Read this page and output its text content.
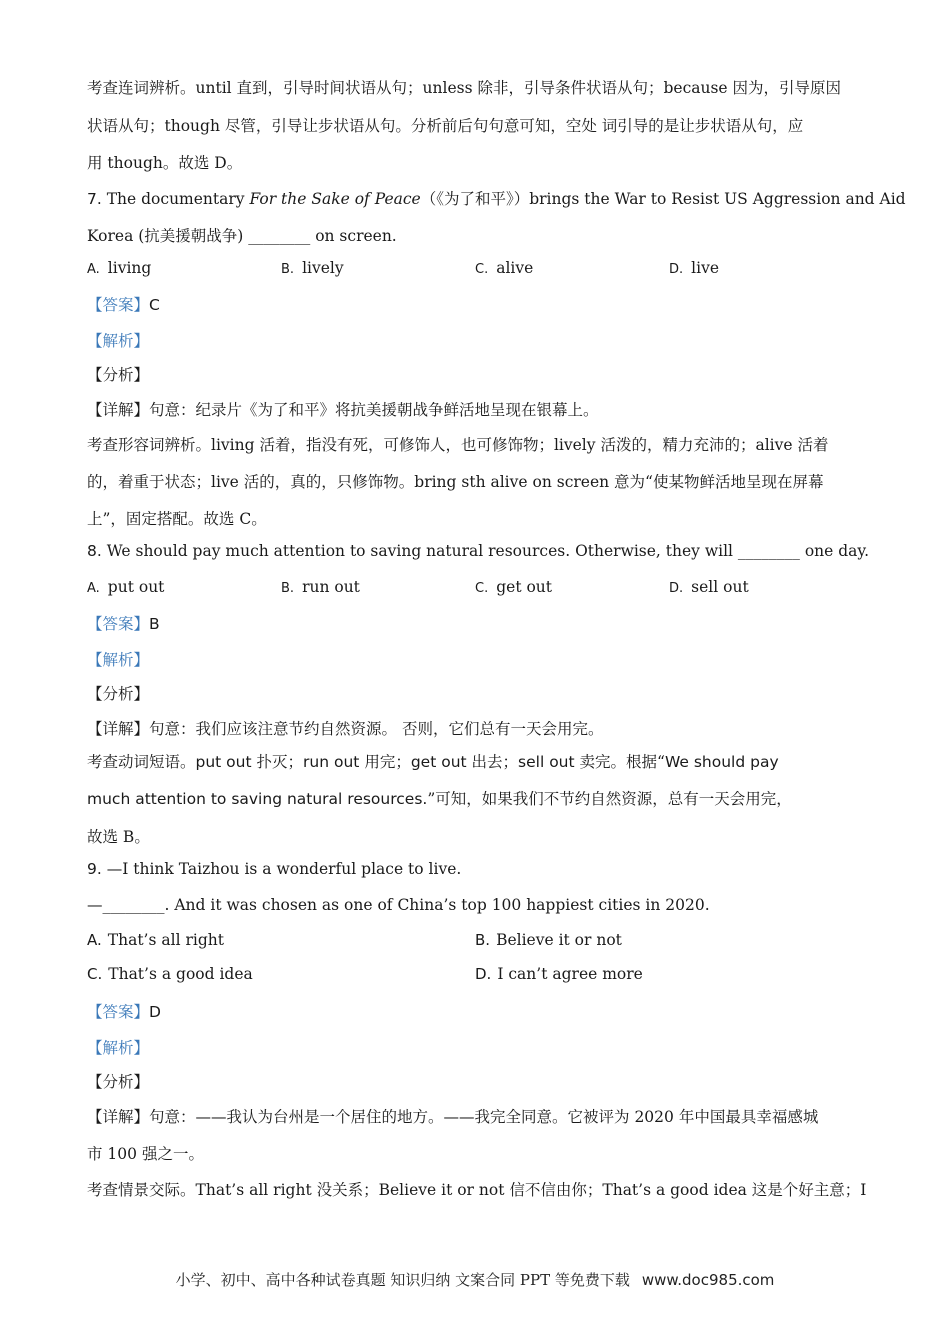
考查连词辨析。until 直到，引导时间状语从句；unless 除非，引导条件状语从句；because 因为，引导原因
状语从句；though 尽管，引导让步状语从句。分析前后句句意可知，空处 词引导的是让步状语从句，应
用 though。故选 D。
7. The documentary For the Sake of Peace（《为了和平》）brings the War to Resist US Aggression and Aid
Korea (抗美援朝战争) ________ on screen.
A. living	B. lively	C. alive	D. live
【答案】C
【解析】
【分析】
【详解】句意：纪录片《为了和平》将抗美援朝战争鲜活地呈现在银幕上。
考查形容词辨析。living 活着，指没有死，可修饰人，也可修饰物；lively 活泼的，精力充沛的；alive 活着
的，着重于状态；live 活的，真的，只修饰物。bring sth alive on screen 意为“使某物鲜活地呈现在屏幕
上”，固定搭配。故选 C。
8. We should pay much attention to saving natural resources. Otherwise, they will ________ one day.
A. put out	B. run out	C. get out	D. sell out
【答案】B
【解析】
【分析】
【详解】句意：我们应该注意节约自然资源。 否则，它们总有一天会用完。
考查动词短语。put out 扑灭；run out 用完；get out 出去；sell out 卖完。根据“We should pay
much attention to saving natural resources.”可知，如果我们不节约自然资源，总有一天会用完，
故选 B。
9. —I think Taizhou is a wonderful place to live.
—________. And it was chosen as one of China’s top 100 happiest cities in 2020.
A. That’s all right	B. Believe it or not
C. That’s a good idea	D. I can’t agree more
【答案】D
【解析】
【分析】
【详解】句意：——我认为台州是一个居住的地方。——我完全同意。它被评为 2020 年中国最具幸福感城
市 100 强之一。
考查情景交际。That’s all right 没关系；Believe it or not 信不信由你；That’s a good idea 这是个好主意；I
小学、初中、高中各种试卷真题 知识归纳 文案合同 PPT 等免费下载 www.doc985.com
